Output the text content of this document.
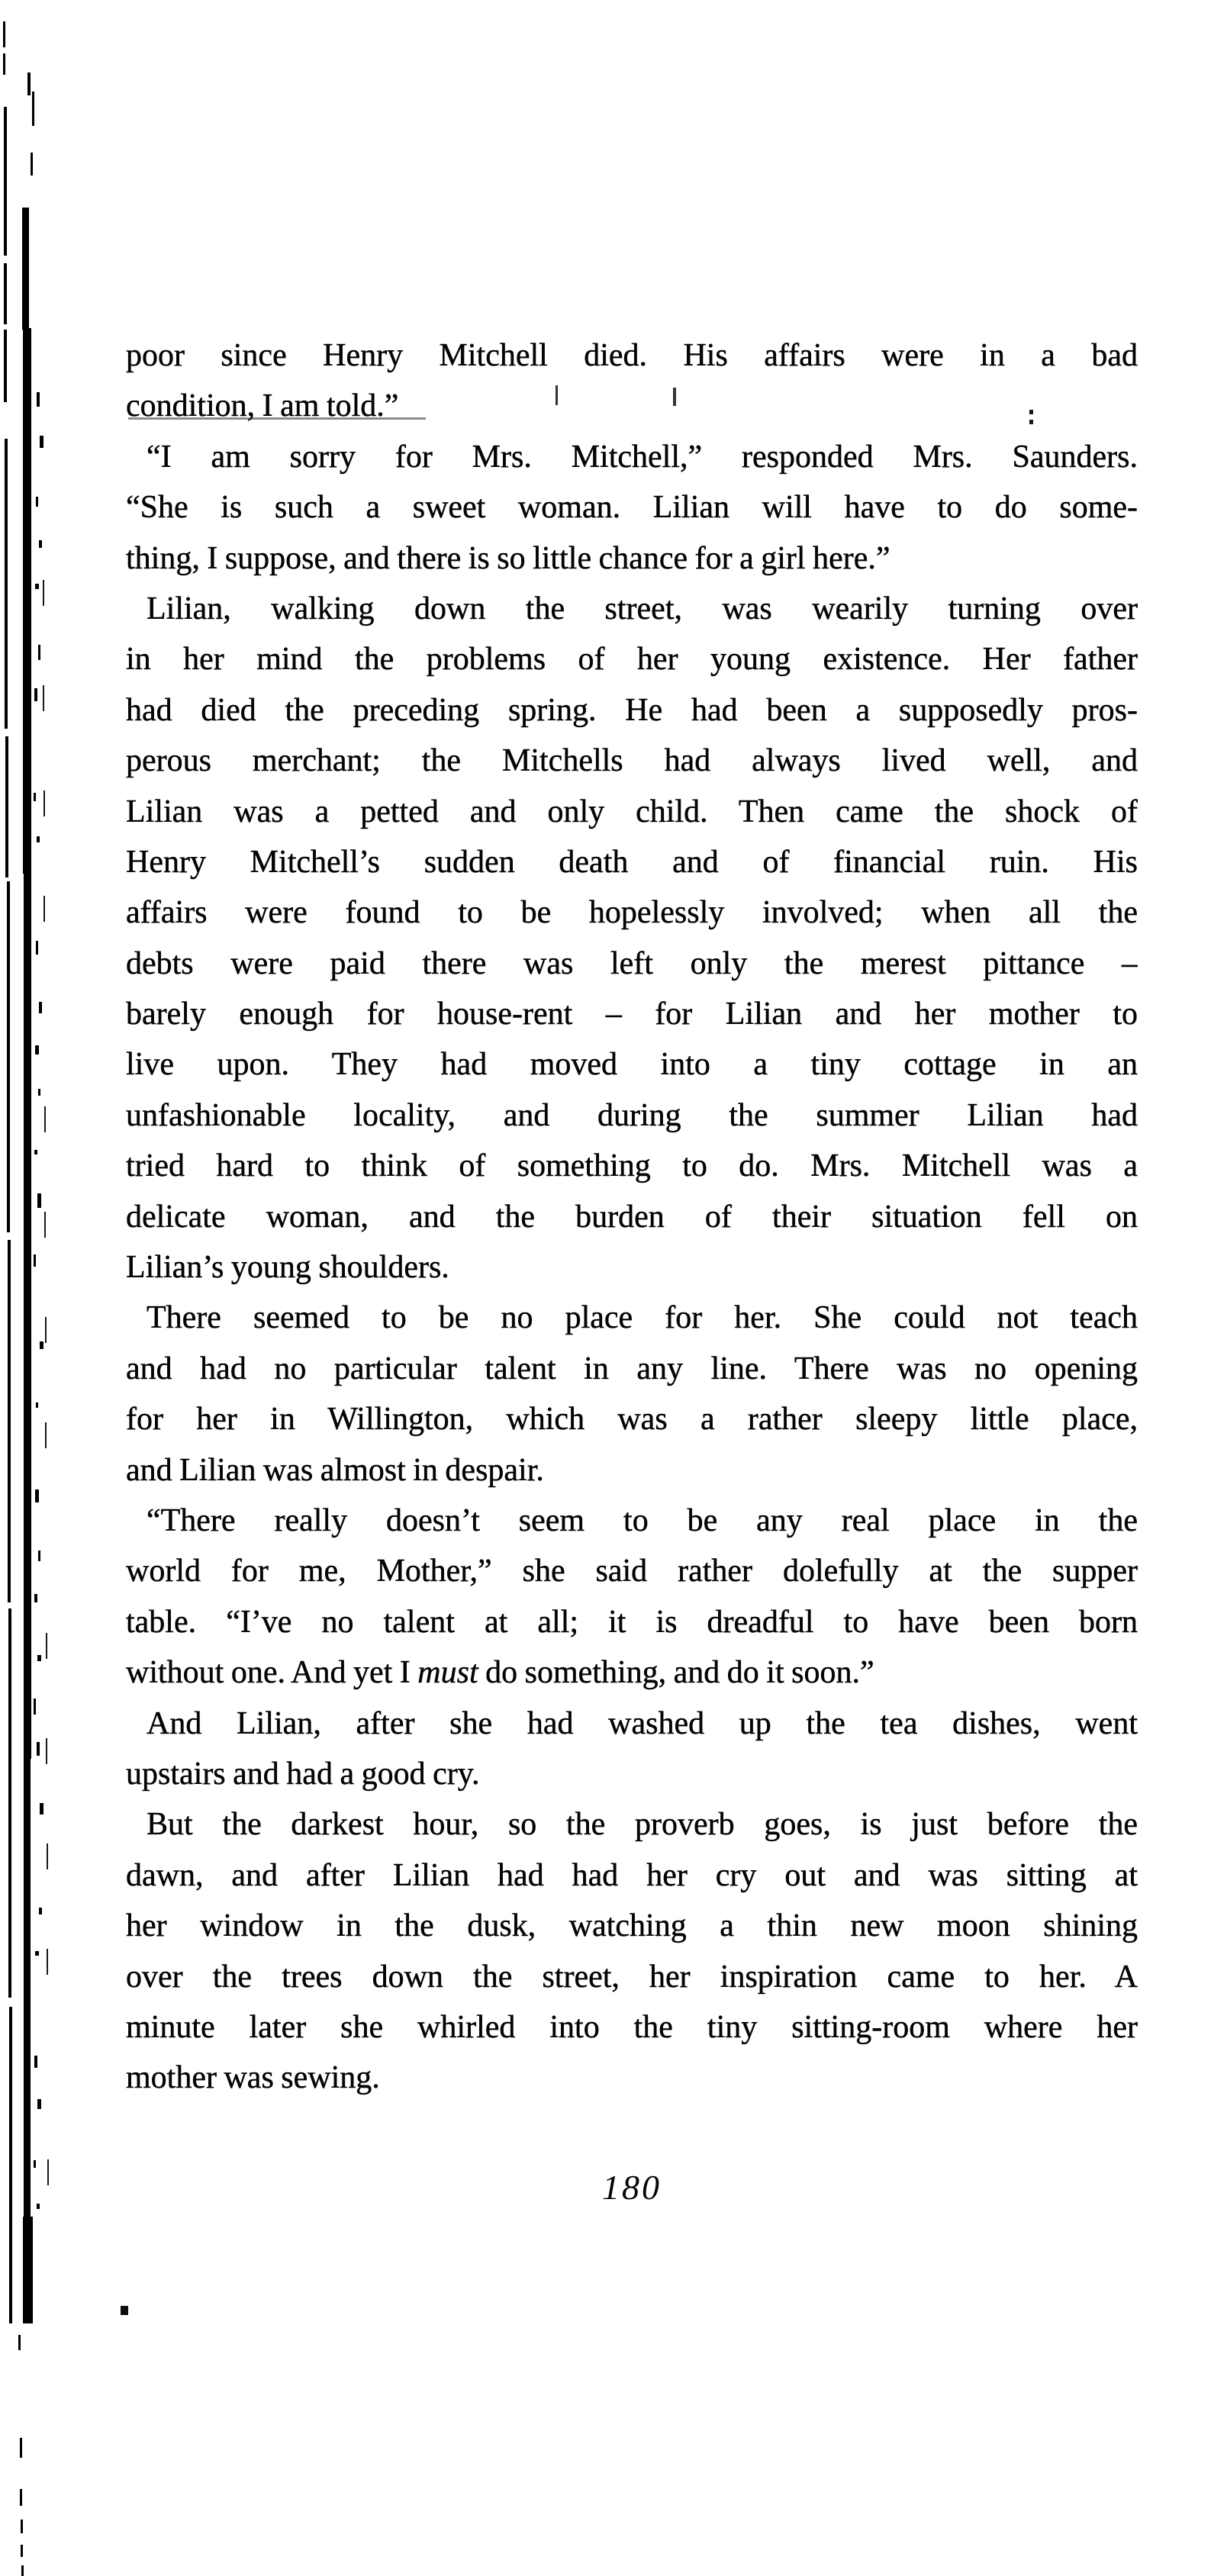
poor since Henry Mitchell died. His affairs were in a bad
condition, I am told.”
“I am sorry for Mrs. Mitchell,” responded Mrs. Saunders.
“She is such a sweet woman. Lilian will have to do some-
thing, I suppose, and there is so little chance for a girl here.”
Lilian, walking down the street, was wearily turning over
in her mind the problems of her young existence. Her father
had died the preceding spring. He had been a supposedly pros-
perous merchant; the Mitchells had always lived well, and
Lilian was a petted and only child. Then came the shock of
Henry Mitchell’s sudden death and of financial ruin. His
affairs were found to be hopelessly involved; when all the
debts were paid there was left only the merest pittance –
barely enough for house-rent – for Lilian and her mother to
live upon. They had moved into a tiny cottage in an
unfashionable locality, and during the summer Lilian had
tried hard to think of something to do. Mrs. Mitchell was a
delicate woman, and the burden of their situation fell on
Lilian’s young shoulders.
There seemed to be no place for her. She could not teach
and had no particular talent in any line. There was no opening
for her in Willington, which was a rather sleepy little place,
and Lilian was almost in despair.
“There really doesn’t seem to be any real place in the
world for me, Mother,” she said rather dolefully at the supper
table. “I’ve no talent at all; it is dreadful to have been born
without one. And yet I must do something, and do it soon.”
And Lilian, after she had washed up the tea dishes, went
upstairs and had a good cry.
But the darkest hour, so the proverb goes, is just before the
dawn, and after Lilian had had her cry out and was sitting at
her window in the dusk, watching a thin new moon shining
over the trees down the street, her inspiration came to her. A
minute later she whirled into the tiny sitting-room where her
mother was sewing.
180
